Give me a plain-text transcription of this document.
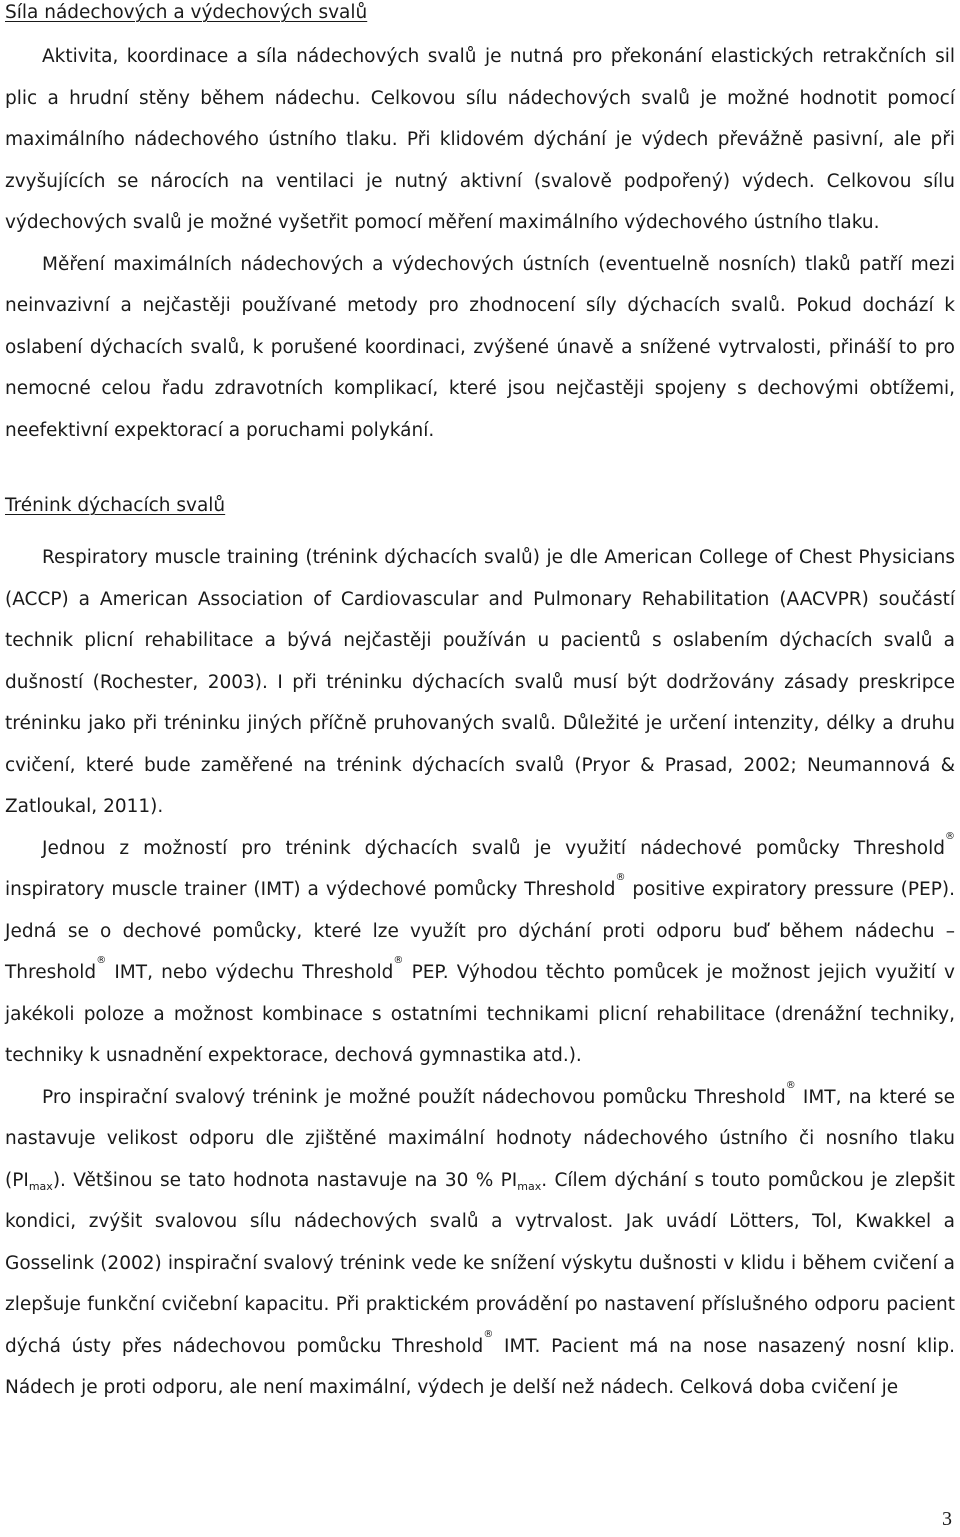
Síla nádechových a výdechových svalů

Aktivita, koordinace a síla nádechových svalů je nutná pro překonání elastických retrakčních sil plic a hrudní stěny během nádechu. Celkovou sílu nádechových svalů je možné hodnotit pomocí maximálního nádechového ústního tlaku. Při klidovém dýchání je výdech převážně pasivní, ale při zvyšujících se nárocích na ventilaci je nutný aktivní (svalově podpořený) výdech. Celkovou sílu výdechových svalů je možné vyšetřit pomocí měření maximálního výdechového ústního tlaku.

Měření maximálních nádechových a výdechových ústních (eventuelně nosních) tlaků patří mezi neinvazivní a nejčastěji používané metody pro zhodnocení síly dýchacích svalů. Pokud dochází k oslabení dýchacích svalů, k porušené koordinaci, zvýšené únavě a snížené vytrvalosti, přináší to pro nemocné celou řadu zdravotních komplikací, které jsou nejčastěji spojeny s dechovými obtížemi, neefektivní expektorací a poruchami polykání.

Trénink dýchacích svalů

Respiratory muscle training (trénink dýchacích svalů) je dle American College of Chest Physicians (ACCP) a American Association of Cardiovascular and Pulmonary Rehabilitation (AACVPR) součástí technik plicní rehabilitace a bývá nejčastěji používán u pacientů s oslabením dýchacích svalů a dušností (Rochester, 2003). I při tréninku dýchacích svalů musí být dodržovány zásady preskripce tréninku jako při tréninku jiných příčně pruhovaných svalů. Důležité je určení intenzity, délky a druhu cvičení, které bude zaměřené na trénink dýchacích svalů (Pryor & Prasad, 2002; Neumannová & Zatloukal, 2011).

Jednou z možností pro trénink dýchacích svalů je využití nádechové pomůcky Threshold® inspiratory muscle trainer (IMT) a výdechové pomůcky Threshold® positive expiratory pressure (PEP). Jedná se o dechové pomůcky, které lze využít pro dýchání proti odporu buď během nádechu – Threshold® IMT, nebo výdechu Threshold® PEP. Výhodou těchto pomůcek je možnost jejich využití v jakékoli poloze a možnost kombinace s ostatními technikami plicní rehabilitace (drenážní techniky, techniky k usnadnění expektorace, dechová gymnastika atd.).

Pro inspirační svalový trénink je možné použít nádechovou pomůcku Threshold® IMT, na které se nastavuje velikost odporu dle zjištěné maximální hodnoty nádechového ústního či nosního tlaku $(PI_{max})$. Většinou se tato hodnota nastavuje na 30 % $PI_{max}$. Cílem dýchání s touto pomůckou je zlepšit kondici, zvýšit svalovou sílu nádechových svalů a vytrvalost. Jak uvádí Lötters, Tol, Kwakkel a Gosselink (2002) inspirační svalový trénink vede ke snížení výskytu dušnosti v klidu i během cvičení a zlepšuje funkční cvičební kapacitu. Při praktickém provádění po nastavení příslušného odporu pacient dýchá ústy přes nádechovou pomůcku Threshold® IMT. Pacient má na nose nasazený nosní klip. Nádech je proti odporu, ale není maximální, výdech je delší než nádech. Celková doba cvičení je

3
